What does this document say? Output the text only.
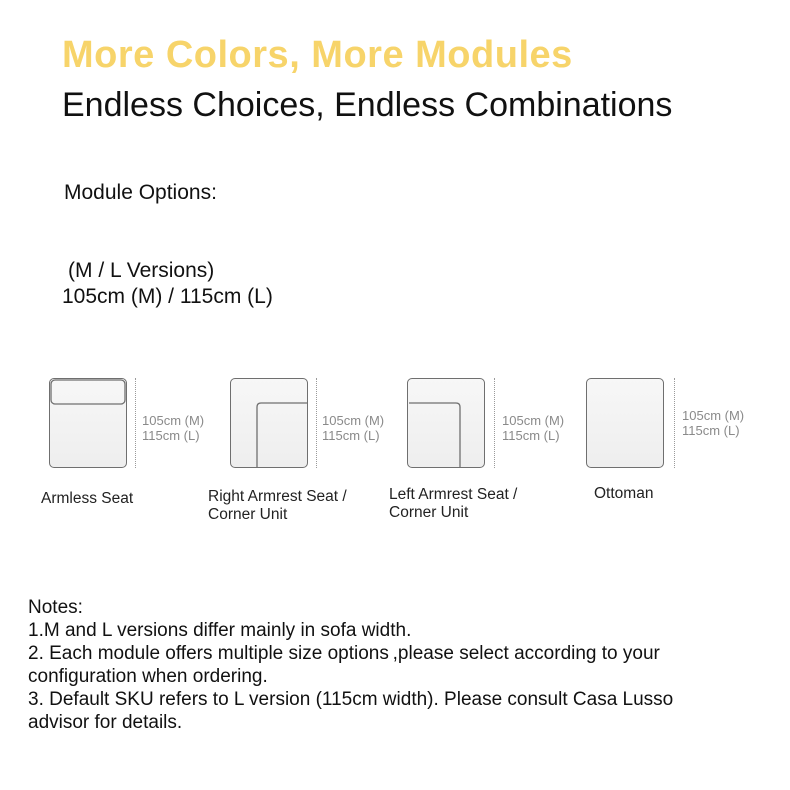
More Colors, More Modules
Endless Choices, Endless Combinations
Module Options:
(M / L Versions)
105cm (M) / 115cm (L)
105cm (M)
115cm (L)
Armless Seat
105cm (M)
115cm (L)
Right Armrest Seat /
Corner Unit
105cm (M)
115cm (L)
Left Armrest Seat /
Corner Unit
105cm (M)
115cm (L)
Ottoman
Notes:
1.M and L versions differ mainly in sofa width.
2. Each module offers multiple size options ,please select according to your
configuration when ordering.
3. Default SKU refers to L version (115cm width). Please consult Casa Lusso
advisor for details.
